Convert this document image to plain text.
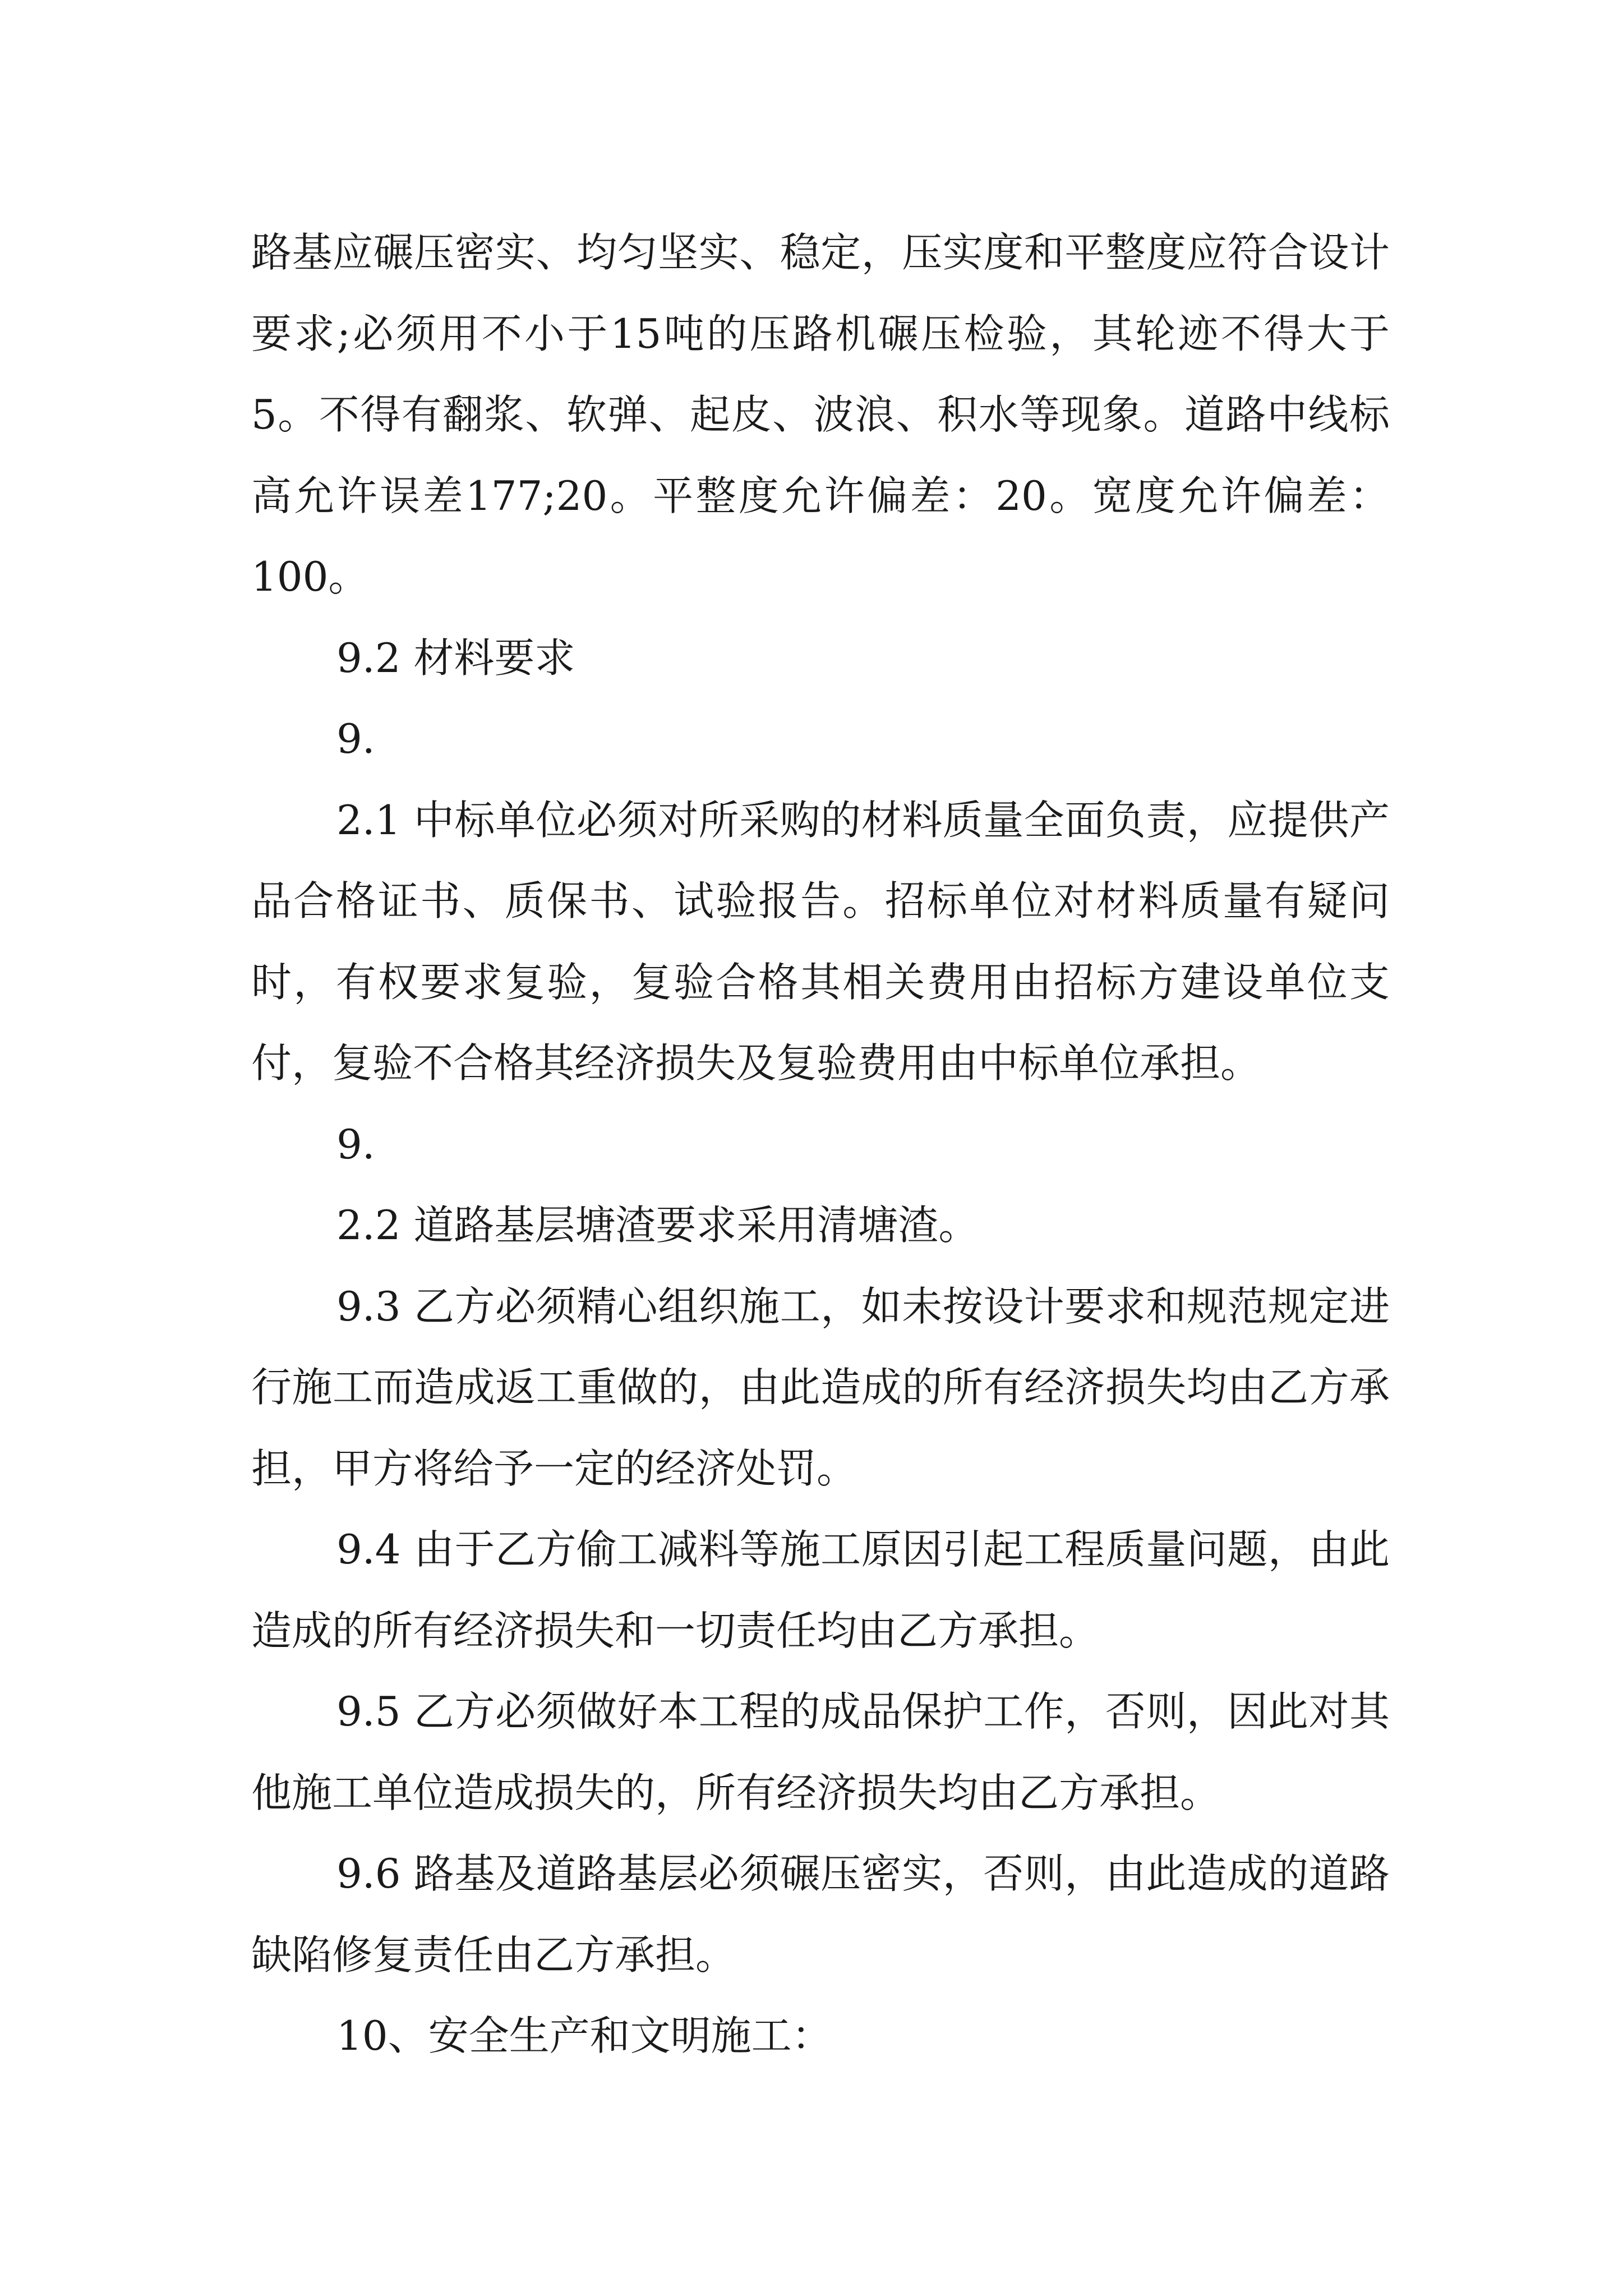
路基应碾压密实、均匀坚实、稳定，压实度和平整度应符合设计要求;必须用不小于15吨的压路机碾压检验，其轮迹不得大于5。不得有翻浆、软弹、起皮、波浪、积水等现象。道路中线标高允许误差177;20。平整度允许偏差：20。宽度允许偏差：100。

9.2 材料要求

9.

2.1 中标单位必须对所采购的材料质量全面负责，应提供产品合格证书、质保书、试验报告。招标单位对材料质量有疑问时，有权要求复验，复验合格其相关费用由招标方建设单位支付，复验不合格其经济损失及复验费用由中标单位承担。

9.

2.2 道路基层塘渣要求采用清塘渣。

9.3 乙方必须精心组织施工，如未按设计要求和规范规定进行施工而造成返工重做的，由此造成的所有经济损失均由乙方承担，甲方将给予一定的经济处罚。

9.4 由于乙方偷工减料等施工原因引起工程质量问题，由此造成的所有经济损失和一切责任均由乙方承担。

9.5 乙方必须做好本工程的成品保护工作，否则，因此对其他施工单位造成损失的，所有经济损失均由乙方承担。

9.6 路基及道路基层必须碾压密实，否则，由此造成的道路缺陷修复责任由乙方承担。

10、安全生产和文明施工：
